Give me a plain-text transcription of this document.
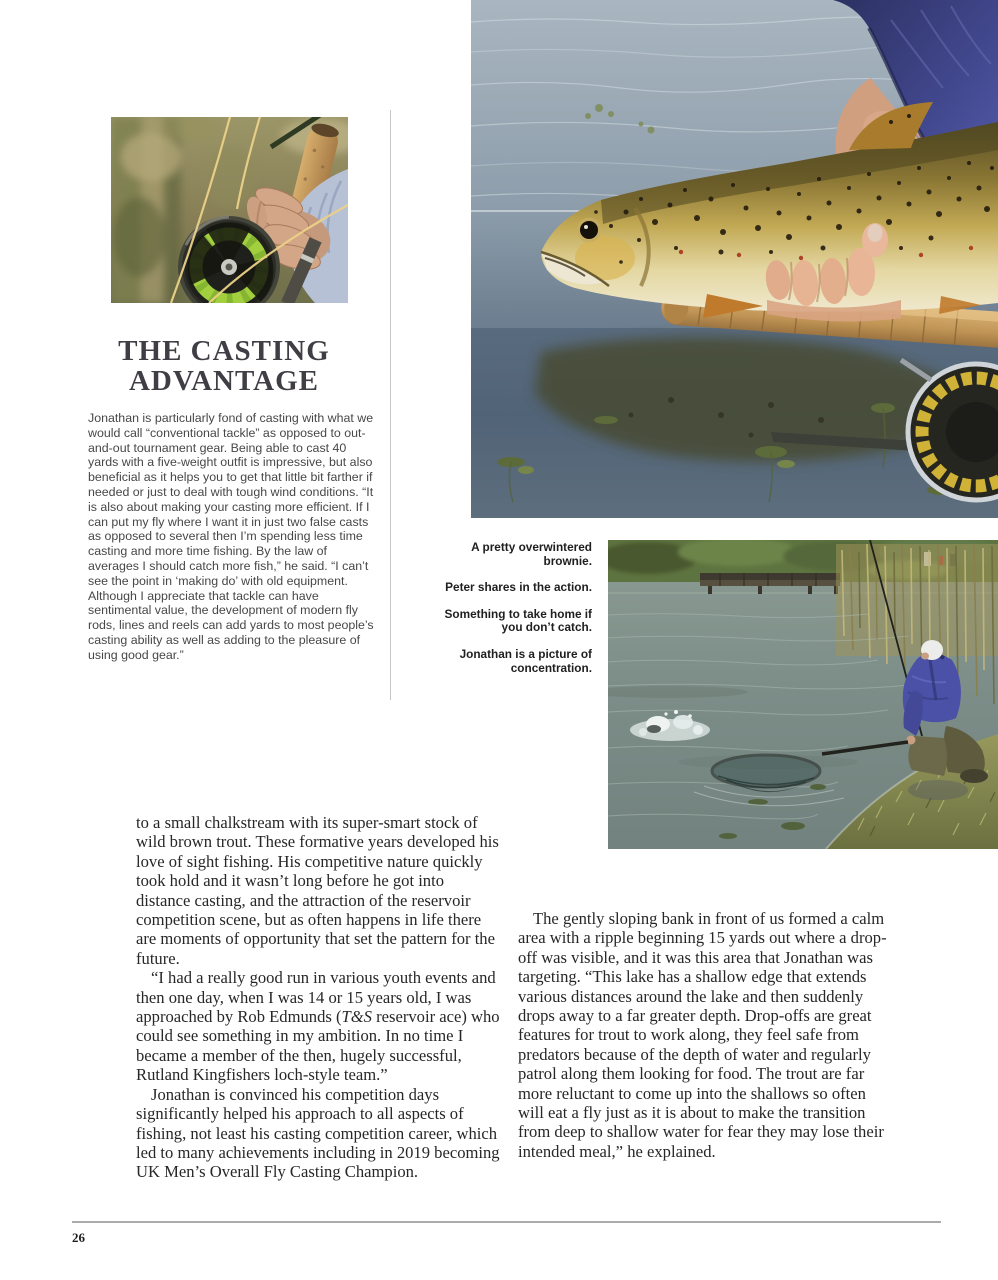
THE CASTING
ADVANTAGE

Jonathan is particularly fond of casting with what we would call “conventional tackle” as opposed to out-and-out tournament gear. Being able to cast 40 yards with a five-weight outfit is impressive, but also beneficial as it helps you to get that little bit farther if needed or just to deal with tough wind conditions. “It is also about making your casting more efficient. If I can put my fly where I want it in just two false casts as opposed to several then I’m spending less time casting and more time fishing. By the law of averages I should catch more fish,” he said. “I can’t see the point in ‘making do’ with old equipment. Although I appreciate that tackle can have sentimental value, the development of modern fly rods, lines and reels can add yards to most people’s casting ability as well as adding to the pleasure of using good gear.”

A pretty overwintered brownie.

Peter shares in the action.

Something to take home if you don’t catch.

Jonathan is a picture of concentration.

to a small chalkstream with its super-smart stock of wild brown trout. These formative years developed his love of sight fishing. His competitive nature quickly took hold and it wasn’t long before he got into distance casting, and the attraction of the reservoir competition scene, but as often happens in life there are moments of opportunity that set the pattern for the future.

“I had a really good run in various youth events and then one day, when I was 14 or 15 years old, I was approached by Rob Edmunds (T&S reservoir ace) who could see something in my ambition. In no time I became a member of the then, hugely successful, Rutland Kingfishers loch-style team.”

Jonathan is convinced his competition days significantly helped his approach to all aspects of fishing, not least his casting competition career, which led to many achievements including in 2019 becoming UK Men’s Overall Fly Casting Champion.

The gently sloping bank in front of us formed a calm area with a ripple beginning 15 yards out where a drop-off was visible, and it was this area that Jonathan was targeting. “This lake has a shallow edge that extends various distances around the lake and then suddenly drops away to a far greater depth. Drop-offs are great features for trout to work along, they feel safe from predators because of the depth of water and regularly patrol along them looking for food. The trout are far more reluctant to come up into the shallows so often will eat a fly just as it is about to make the transition from deep to shallow water for fear they may lose their intended meal,” he explained.

26
